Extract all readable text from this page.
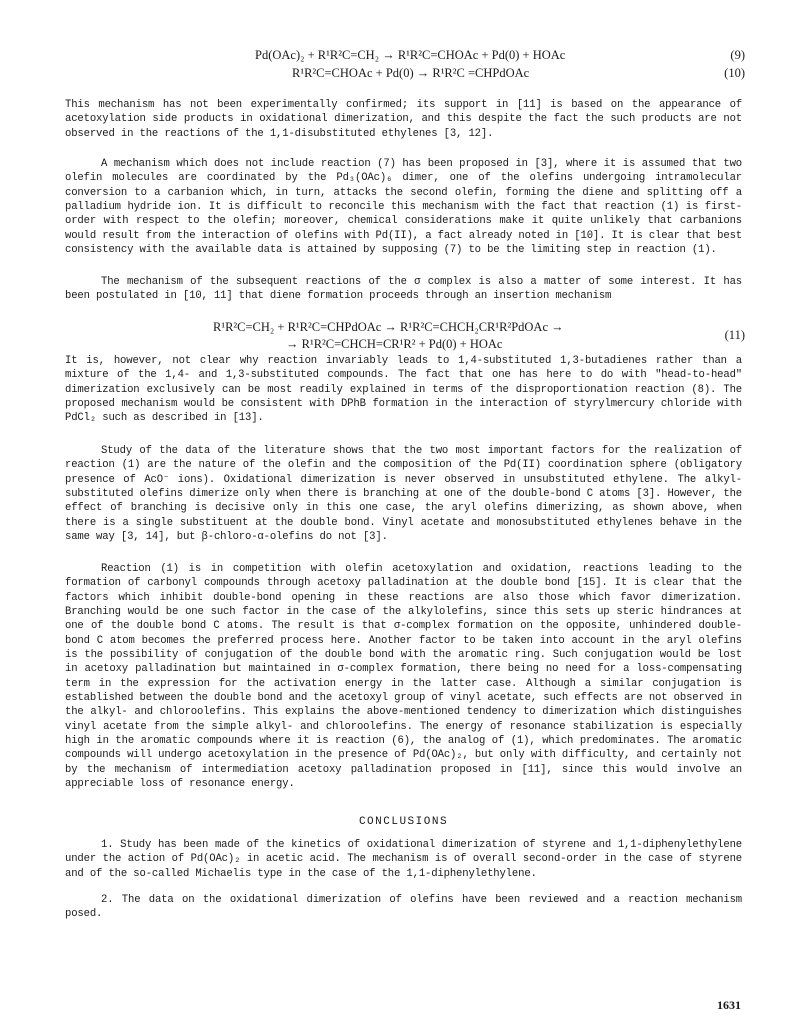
Pd(OAc)₂ + R¹R²C=CH₂ → R¹R²C=CHOAc + Pd(0) + HOAc	(9)
R¹R²C=CHOAc + Pd(0) → R¹R²C =CHPdOAc	(10)

This mechanism has not been experimentally confirmed; its support in [11] is based on the appearance of acetoxylation side products in oxidational dimerization, and this despite the fact the such products are not observed in the reactions of the 1,1-disubstituted ethylenes [3, 12].

A mechanism which does not include reaction (7) has been proposed in [3], where it is assumed that two olefin molecules are coordinated by the Pd₃(OAc)₆ dimer, one of the olefins undergoing intramolecular conversion to a carbanion which, in turn, attacks the second olefin, forming the diene and splitting off a palladium hydride ion. It is difficult to reconcile this mechanism with the fact that reaction (1) is first-order with respect to the olefin; moreover, chemical considerations make it quite unlikely that carbanions would result from the interaction of olefins with Pd(II), a fact already noted in [10]. It is clear that best consistency with the available data is attained by supposing (7) to be the limiting step in reaction (1).

The mechanism of the subsequent reactions of the σ complex is also a matter of some interest. It has been postulated in [10, 11] that diene formation proceeds through an insertion mechanism

R¹R²C=CH₂ + R¹R²C=CHPdOAc → R¹R²C=CHCH₂CR¹R²PdOAc →
(11)
→ R¹R²C=CHCH=CR¹R² + Pd(0) + HOAc

It is, however, not clear why reaction invariably leads to 1,4-substituted 1,3-butadienes rather than a mixture of the 1,4- and 1,3-substituted compounds. The fact that one has here to do with "head-to-head" dimerization exclusively can be most readily explained in terms of the disproportionation reaction (8). The proposed mechanism would be consistent with DPhB formation in the interaction of styrylmercury chloride with PdCl₂ such as described in [13].

Study of the data of the literature shows that the two most important factors for the realization of reaction (1) are the nature of the olefin and the composition of the Pd(II) coordination sphere (obligatory presence of AcO⁻ ions). Oxidational dimerization is never observed in unsubstituted ethylene. The alkyl-substituted olefins dimerize only when there is branching at one of the double-bond C atoms [3]. However, the effect of branching is decisive only in this one case, the aryl olefins dimerizing, as shown above, when there is a single substituent at the double bond. Vinyl acetate and monosubstituted ethylenes behave in the same way [3, 14], but β-chloro-α-olefins do not [3].

Reaction (1) is in competition with olefin acetoxylation and oxidation, reactions leading to the formation of carbonyl compounds through acetoxy palladination at the double bond [15]. It is clear that the factors which inhibit double-bond opening in these reactions are also those which favor dimerization. Branching would be one such factor in the case of the alkylolefins, since this sets up steric hindrances at one of the double bond C atoms. The result is that σ-complex formation on the opposite, unhindered double-bond C atom becomes the preferred process here. Another factor to be taken into account in the aryl olefins is the possibility of conjugation of the double bond with the aromatic ring. Such conjugation would be lost in acetoxy palladination but maintained in σ-complex formation, there being no need for a loss-compensating term in the expression for the activation energy in the latter case. Although a similar conjugation is established between the double bond and the acetoxyl group of vinyl acetate, such effects are not observed in the alkyl- and chloroolefins. This explains the above-mentioned tendency to dimerization which distinguishes vinyl acetate from the simple alkyl- and chloroolefins. The energy of resonance stabilization is especially high in the aromatic compounds where it is reaction (6), the analog of (1), which predominates. The aromatic compounds will undergo acetoxylation in the presence of Pd(OAc)₂, but only with difficulty, and certainly not by the mechanism of intermediation acetoxy palladination proposed in [11], since this would involve an appreciable loss of resonance energy.

CONCLUSIONS

1. Study has been made of the kinetics of oxidational dimerization of styrene and 1,1-diphenylethylene under the action of Pd(OAc)₂ in acetic acid. The mechanism is of overall second-order in the case of styrene and of the so-called Michaelis type in the case of the 1,1-diphenylethylene.

2. The data on the oxidational dimerization of olefins have been reviewed and a reaction mechanism posed.

1631
